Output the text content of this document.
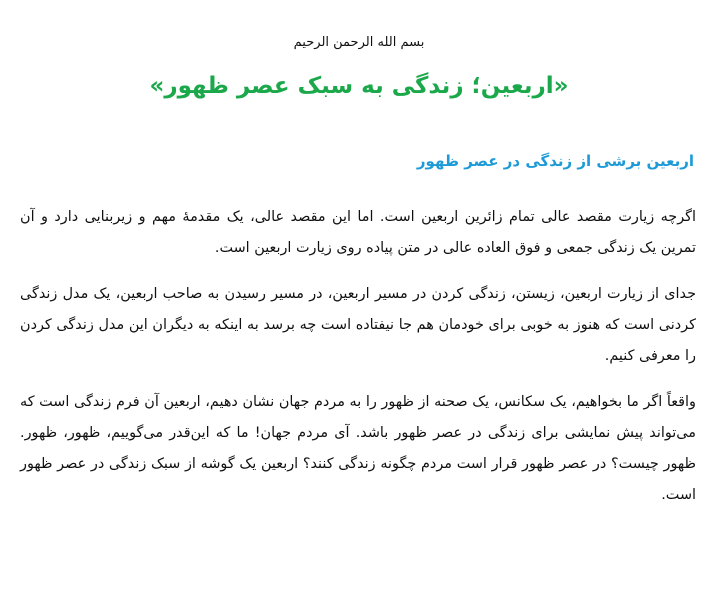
بسم الله الرحمن الرحیم
«اربعین؛ زندگی به سبک عصر ظهور»
اربعین برشی از زندگی در عصر ظهور

اگرچه زیارت مقصد عالی تمام زائرین اربعین است. اما این مقصد عالی، یک مقدمهٔ مهم و زیربنایی دارد و آن تمرین یک زندگی جمعی و فوق العاده عالی در متن پیاده روی زیارت اربعین است.

جدای از زیارت اربعین، زیستن، زندگی کردن در مسیر اربعین، در مسیر رسیدن به صاحب اربعین، یک مدل زندگی کردنی است که هنوز به خوبی برای خودمان هم جا نیفتاده است چه برسد به اینکه به دیگران این مدل زندگی کردن را معرفی کنیم.

واقعاً اگر ما بخواهیم، یک سکانس، یک صحنه از ظهور را به مردم جهان نشان دهیم، اربعین آن فرم زندگی است که می‌تواند پیش نمایشی برای زندگی در عصر ظهور باشد. آی مردم جهان! ما که این‌قدر می‌گوییم، ظهور، ظهور. ظهور چیست؟ در عصر ظهور قرار است مردم چگونه زندگی کنند؟ اربعین یک گوشه از سبک زندگی در عصر ظهور است.
